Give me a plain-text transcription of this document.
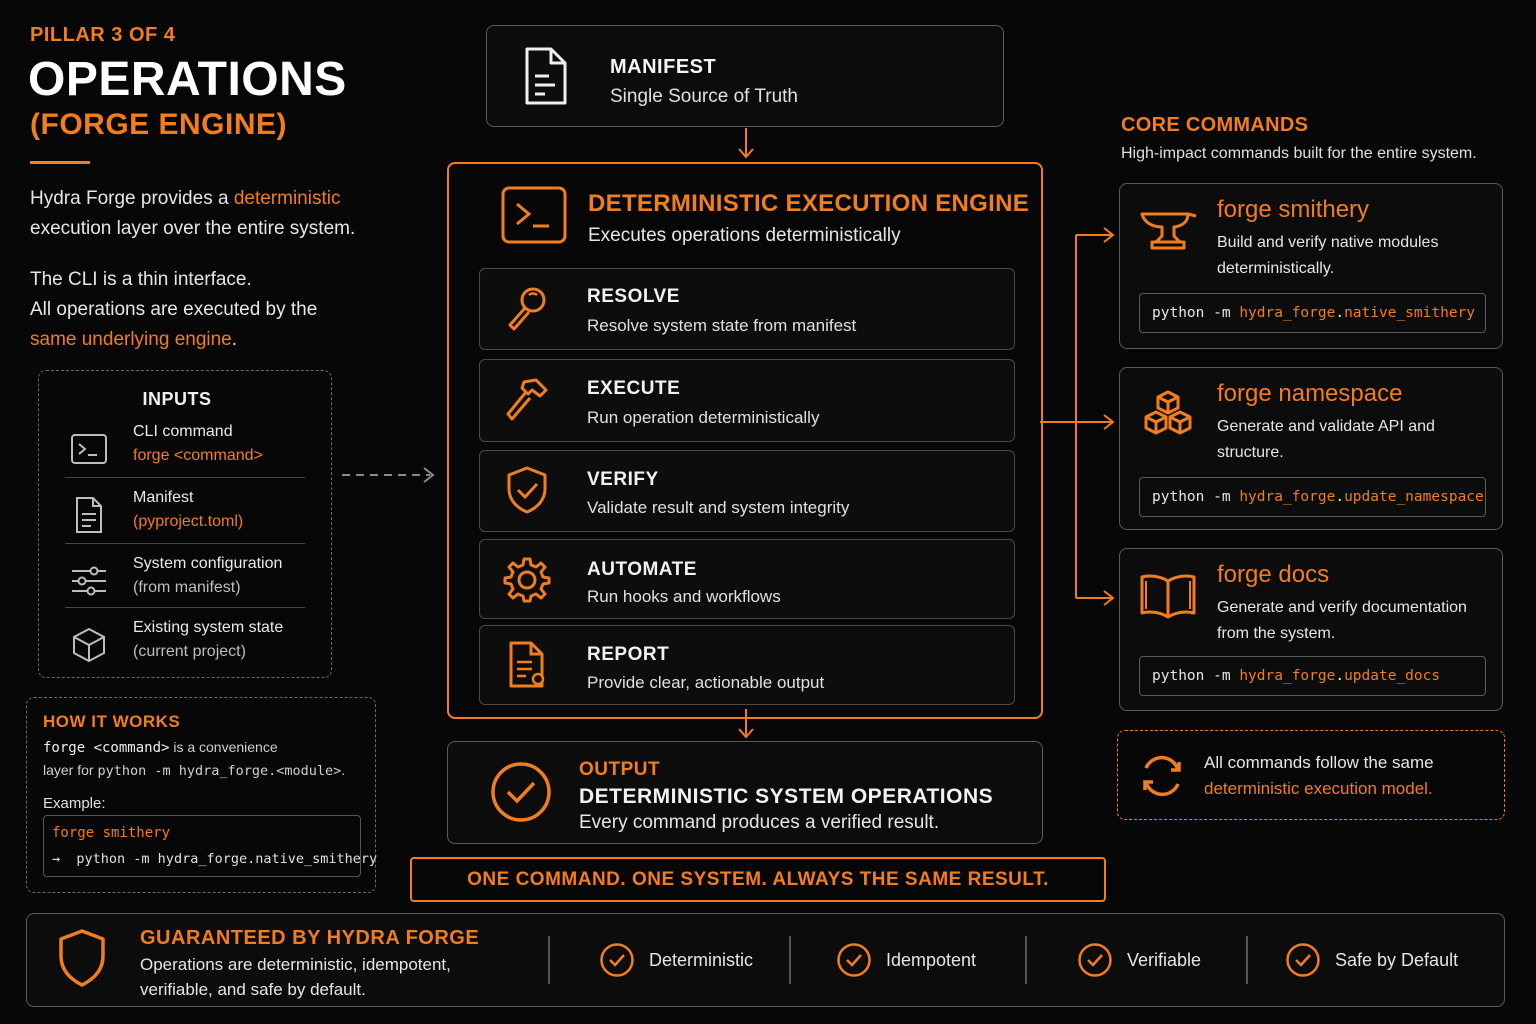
PILLAR 3 OF 4
OPERATIONS
(FORGE ENGINE)
Hydra Forge provides a deterministic
execution layer over the entire system.
The CLI is a thin interface.
All operations are executed by the
same underlying engine.
INPUTS
CLI command
forge <command>
Manifest
(pyproject.toml)
System configuration
(from manifest)
Existing system state
(current project)
HOW IT WORKS
forge <command> is a convenience
layer for python -m hydra_forge.<module>.
Example:
forge smithery
→ python -m hydra_forge.native_smithery
MANIFEST
Single Source of Truth
DETERMINISTIC EXECUTION ENGINE
Executes operations deterministically
RESOLVE
Resolve system state from manifest
EXECUTE
Run operation deterministically
VERIFY
Validate result and system integrity
AUTOMATE
Run hooks and workflows
REPORT
Provide clear, actionable output
OUTPUT
DETERMINISTIC SYSTEM OPERATIONS
Every command produces a verified result.
ONE COMMAND. ONE SYSTEM. ALWAYS THE SAME RESULT.
CORE COMMANDS
High-impact commands built for the entire system.
forge smithery
Build and verify native modules deterministically.
python -m hydra_forge.native_smithery
forge namespace
Generate and validate API and structure.
python -m hydra_forge.update_namespace
forge docs
Generate and verify documentation from the system.
python -m hydra_forge.update_docs
All commands follow the same
deterministic execution model.
GUARANTEED BY HYDRA FORGE
Operations are deterministic, idempotent,
verifiable, and safe by default.
Deterministic	Idempotent	Verifiable	Safe by Default
